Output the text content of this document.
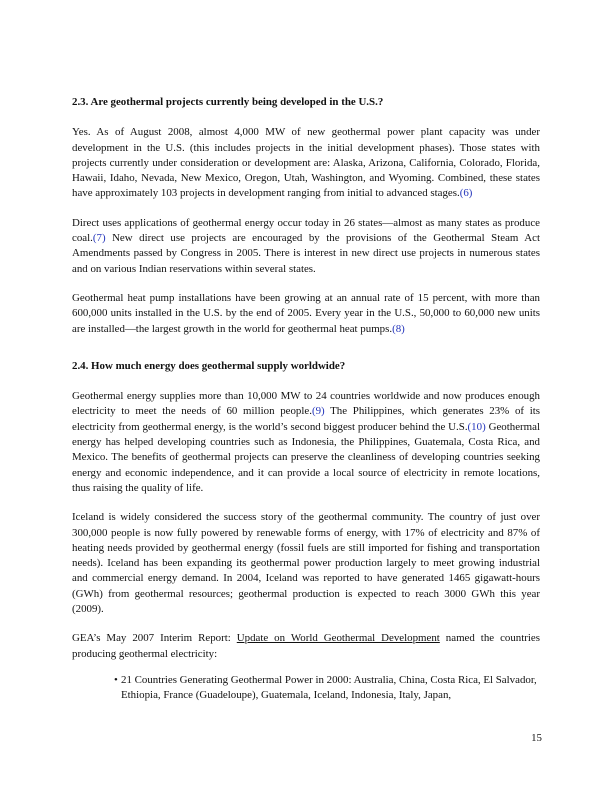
2.3. Are geothermal projects currently being developed in the U.S.?

Yes. As of August 2008, almost 4,000 MW of new geothermal power plant capacity was under development in the U.S. (this includes projects in the initial development phases). Those states with projects currently under consideration or development are: Alaska, Arizona, California, Colorado, Florida, Hawaii, Idaho, Nevada, New Mexico, Oregon, Utah, Washington, and Wyoming. Combined, these states have approximately 103 projects in development ranging from initial to advanced stages.(6)

Direct uses applications of geothermal energy occur today in 26 states—almost as many states as produce coal.(7) New direct use projects are encouraged by the provisions of the Geothermal Steam Act Amendments passed by Congress in 2005. There is interest in new direct use projects in numerous states and on various Indian reservations within several states.

Geothermal heat pump installations have been growing at an annual rate of 15 percent, with more than 600,000 units installed in the U.S. by the end of 2005. Every year in the U.S., 50,000 to 60,000 new units are installed—the largest growth in the world for geothermal heat pumps.(8)

2.4. How much energy does geothermal supply worldwide?

Geothermal energy supplies more than 10,000 MW to 24 countries worldwide and now produces enough electricity to meet the needs of 60 million people.(9) The Philippines, which generates 23% of its electricity from geothermal energy, is the world’s second biggest producer behind the U.S.(10) Geothermal energy has helped developing countries such as Indonesia, the Philippines, Guatemala, Costa Rica, and Mexico. The benefits of geothermal projects can preserve the cleanliness of developing countries seeking energy and economic independence, and it can provide a local source of electricity in remote locations, thus raising the quality of life.

Iceland is widely considered the success story of the geothermal community. The country of just over 300,000 people is now fully powered by renewable forms of energy, with 17% of electricity and 87% of heating needs provided by geothermal energy (fossil fuels are still imported for fishing and transportation needs). Iceland has been expanding its geothermal power production largely to meet growing industrial and commercial energy demand. In 2004, Iceland was reported to have generated 1465 gigawatt-hours (GWh) from geothermal resources; geothermal production is expected to reach 3000 GWh this year (2009).

GEA’s May 2007 Interim Report: Update on World Geothermal Development named the countries producing geothermal electricity:

• 21 Countries Generating Geothermal Power in 2000: Australia, China, Costa Rica, El Salvador, Ethiopia, France (Guadeloupe), Guatemala, Iceland, Indonesia, Italy, Japan,
15
